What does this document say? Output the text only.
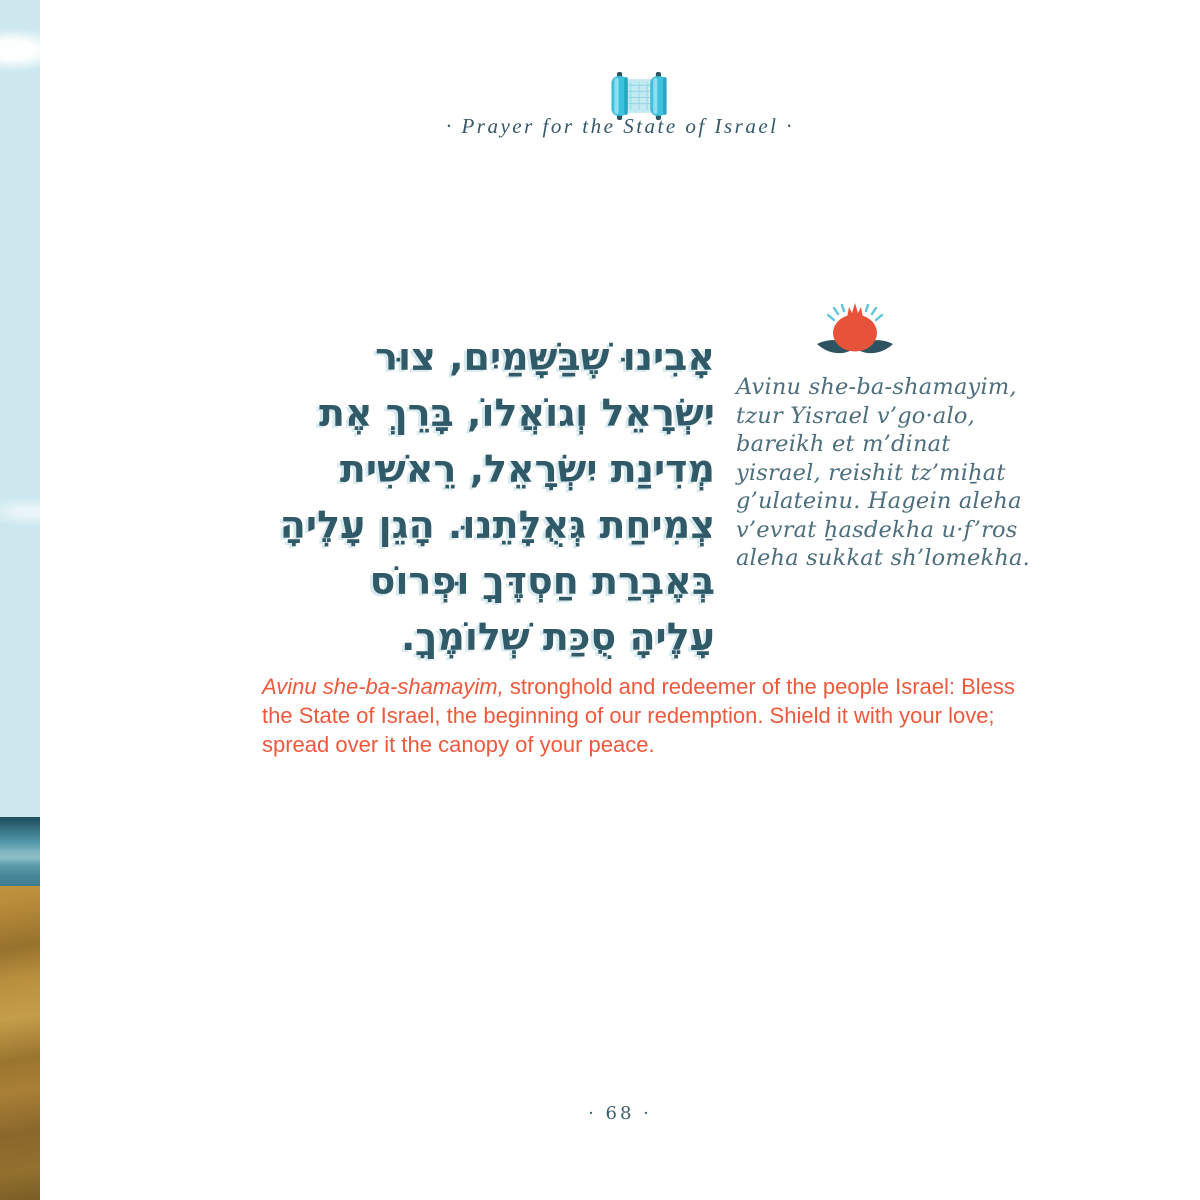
· Prayer for the State of Israel ·
אָבִינוּ שֶׁבַּשָּׁמַיִם, צוּר
יִשְׂרָאֵל וְגוֹאֲלוֹ, בָּרֵךְ אֶת
מְדִינַת יִשְׂרָאֵל, רֵאשִׁית
צְמִיחַת גְּאֻלָּתֵנוּ. הָגֵן עָלֶיהָ
בְּאֶבְרַת חַסְדֶּךָ וּפְרוֹס
עָלֶיהָ סֻכַּת שְׁלוֹמֶךָ.
Avinu she-ba-shamayim,
tzur Yisrael v’go·alo,
bareikh et m’dinat
yisrael, reishit tz’miẖat
g’ulateinu. Hagein aleha
v’evrat ẖasdekha u·f’ros
aleha sukkat sh’lomekha.
Avinu she-ba-shamayim, stronghold and redeemer of the people Israel: Bless the State of Israel, the beginning of our redemption. Shield it with your love; spread over it the canopy of your peace.
· 68 ·
